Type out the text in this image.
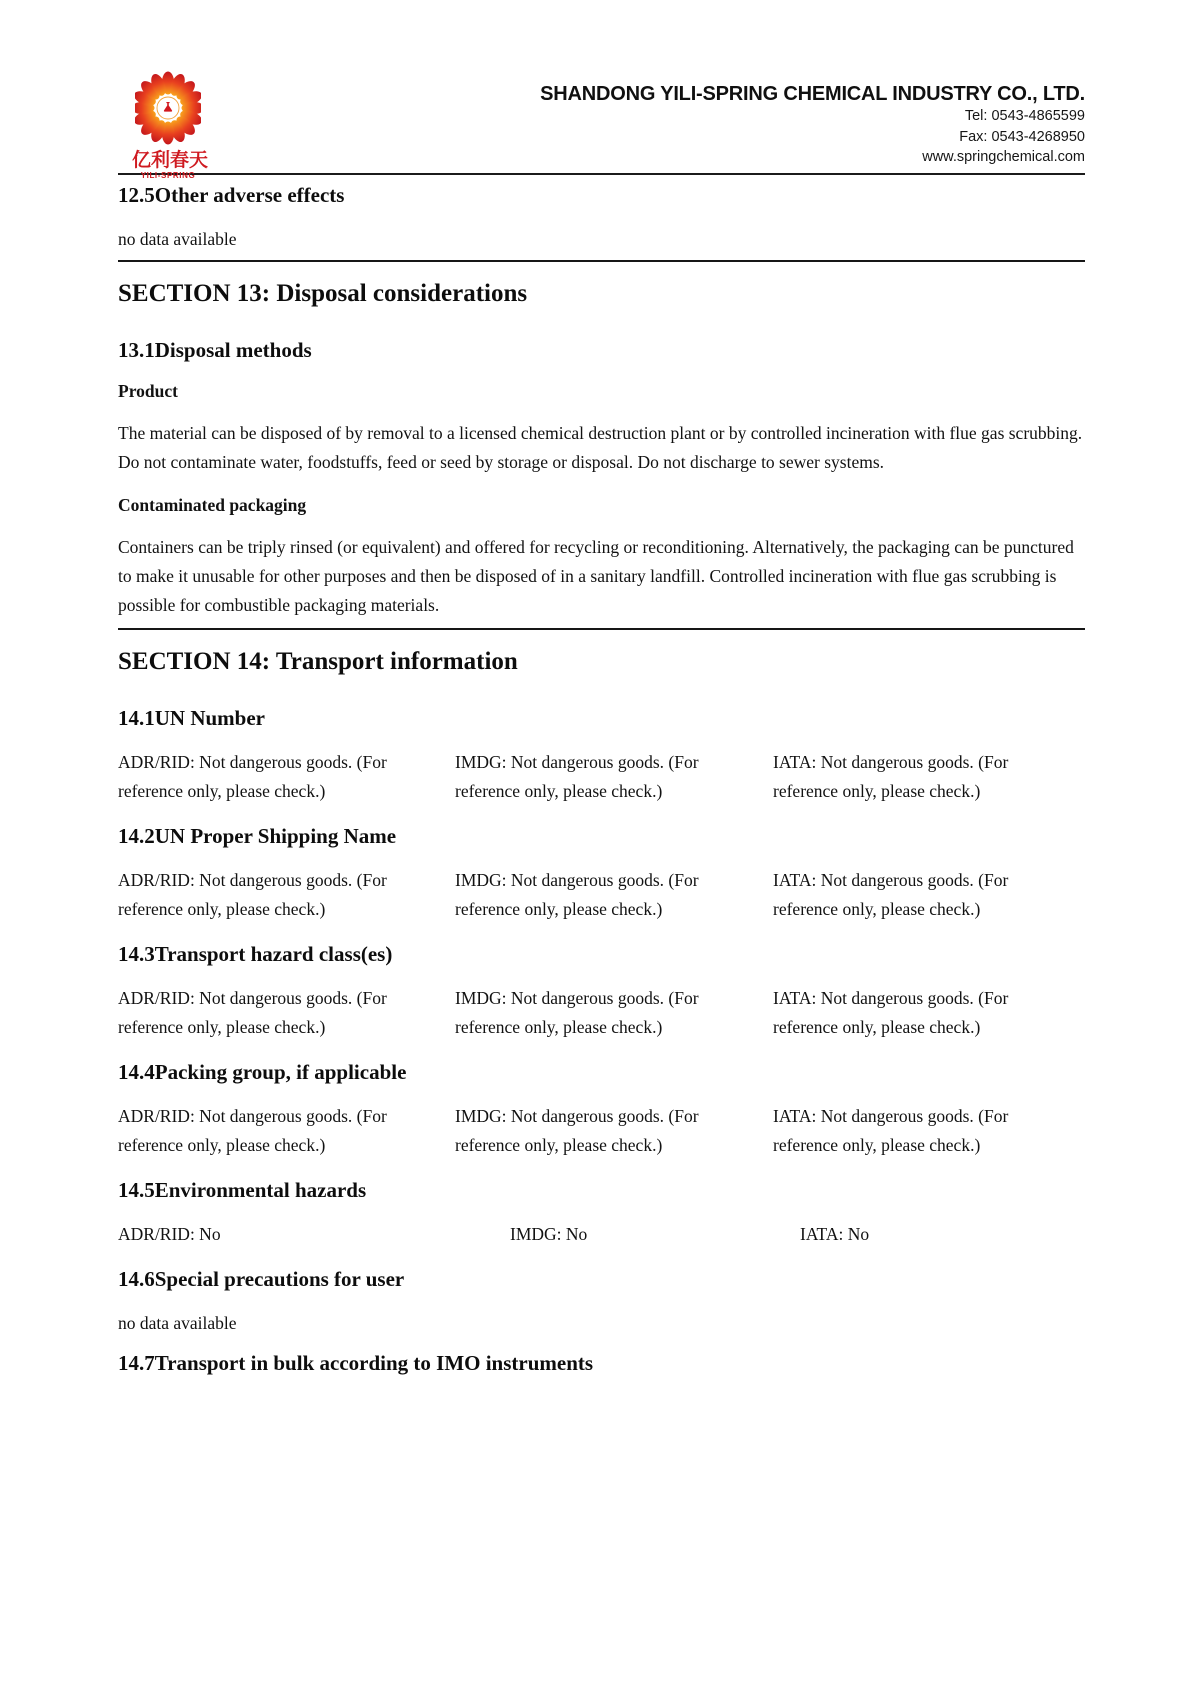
亿利春天
YILI-SPRING
SHANDONG YILI-SPRING CHEMICAL INDUSTRY CO., LTD.
Tel: 0543-4865599
Fax: 0543-4268950
www.springchemical.com
12.5Other adverse effects

no data available

SECTION 13: Disposal considerations
13.1Disposal methods

Product

The material can be disposed of by removal to a licensed chemical destruction plant or by controlled incineration with flue gas scrubbing. Do not contaminate water, foodstuffs, feed or seed by storage or disposal. Do not discharge to sewer systems.

Contaminated packaging

Containers can be triply rinsed (or equivalent) and offered for recycling or reconditioning. Alternatively, the packaging can be punctured to make it unusable for other purposes and then be disposed of in a sanitary landfill. Controlled incineration with flue gas scrubbing is possible for combustible packaging materials.

SECTION 14: Transport information
14.1UN Number

ADR/RID: Not dangerous goods. (For reference only, please check.)

IMDG: Not dangerous goods. (For reference only, please check.)

IATA: Not dangerous goods. (For reference only, please check.)

14.2UN Proper Shipping Name

ADR/RID: Not dangerous goods. (For reference only, please check.)

IMDG: Not dangerous goods. (For reference only, please check.)

IATA: Not dangerous goods. (For reference only, please check.)

14.3Transport hazard class(es)

ADR/RID: Not dangerous goods. (For reference only, please check.)

IMDG: Not dangerous goods. (For reference only, please check.)

IATA: Not dangerous goods. (For reference only, please check.)

14.4Packing group, if applicable

ADR/RID: Not dangerous goods. (For reference only, please check.)

IMDG: Not dangerous goods. (For reference only, please check.)

IATA: Not dangerous goods. (For reference only, please check.)

14.5Environmental hazards

ADR/RID: No	IMDG: No	IATA: No

14.6Special precautions for user

no data available

14.7Transport in bulk according to IMO instruments
